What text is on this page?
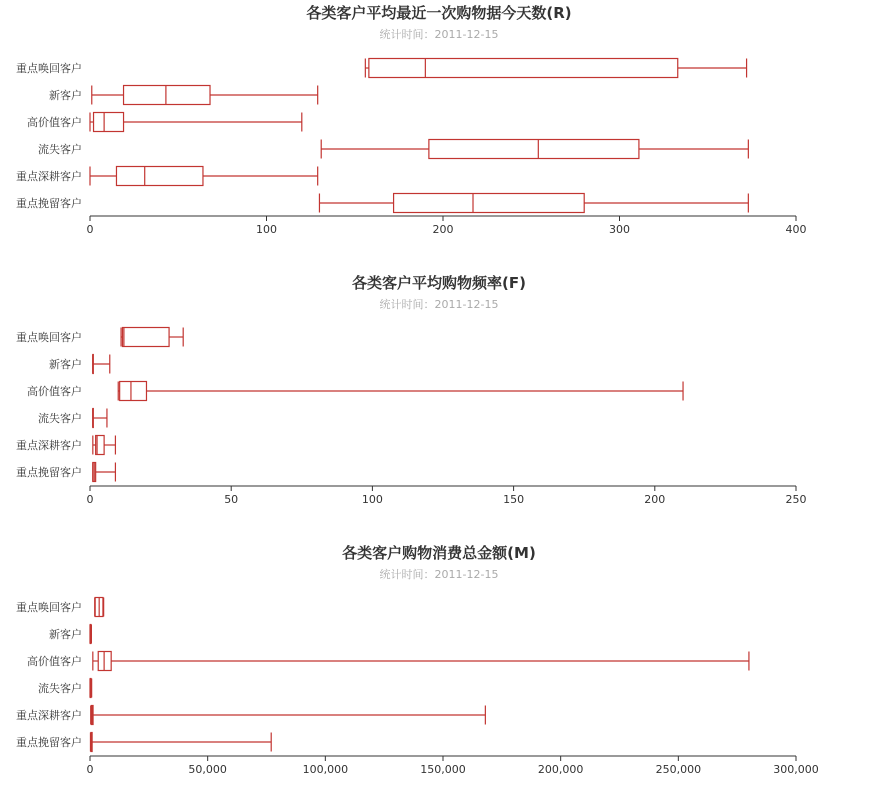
各类客户平均最近一次购物据今天数(R)
统计时间：2011-12-15
0	100	200	300	400
重点唤回客户
新客户
高价值客户
流失客户
重点深耕客户
重点挽留客户
各类客户平均购物频率(F)
统计时间：2011-12-15
0	50	100	150	200	250
重点唤回客户
新客户
高价值客户
流失客户
重点深耕客户
重点挽留客户
各类客户购物消费总金额(M)
统计时间：2011-12-15
0	50,000	100,000	150,000	200,000	250,000	300,000
重点唤回客户
新客户
高价值客户
流失客户
重点深耕客户
重点挽留客户
